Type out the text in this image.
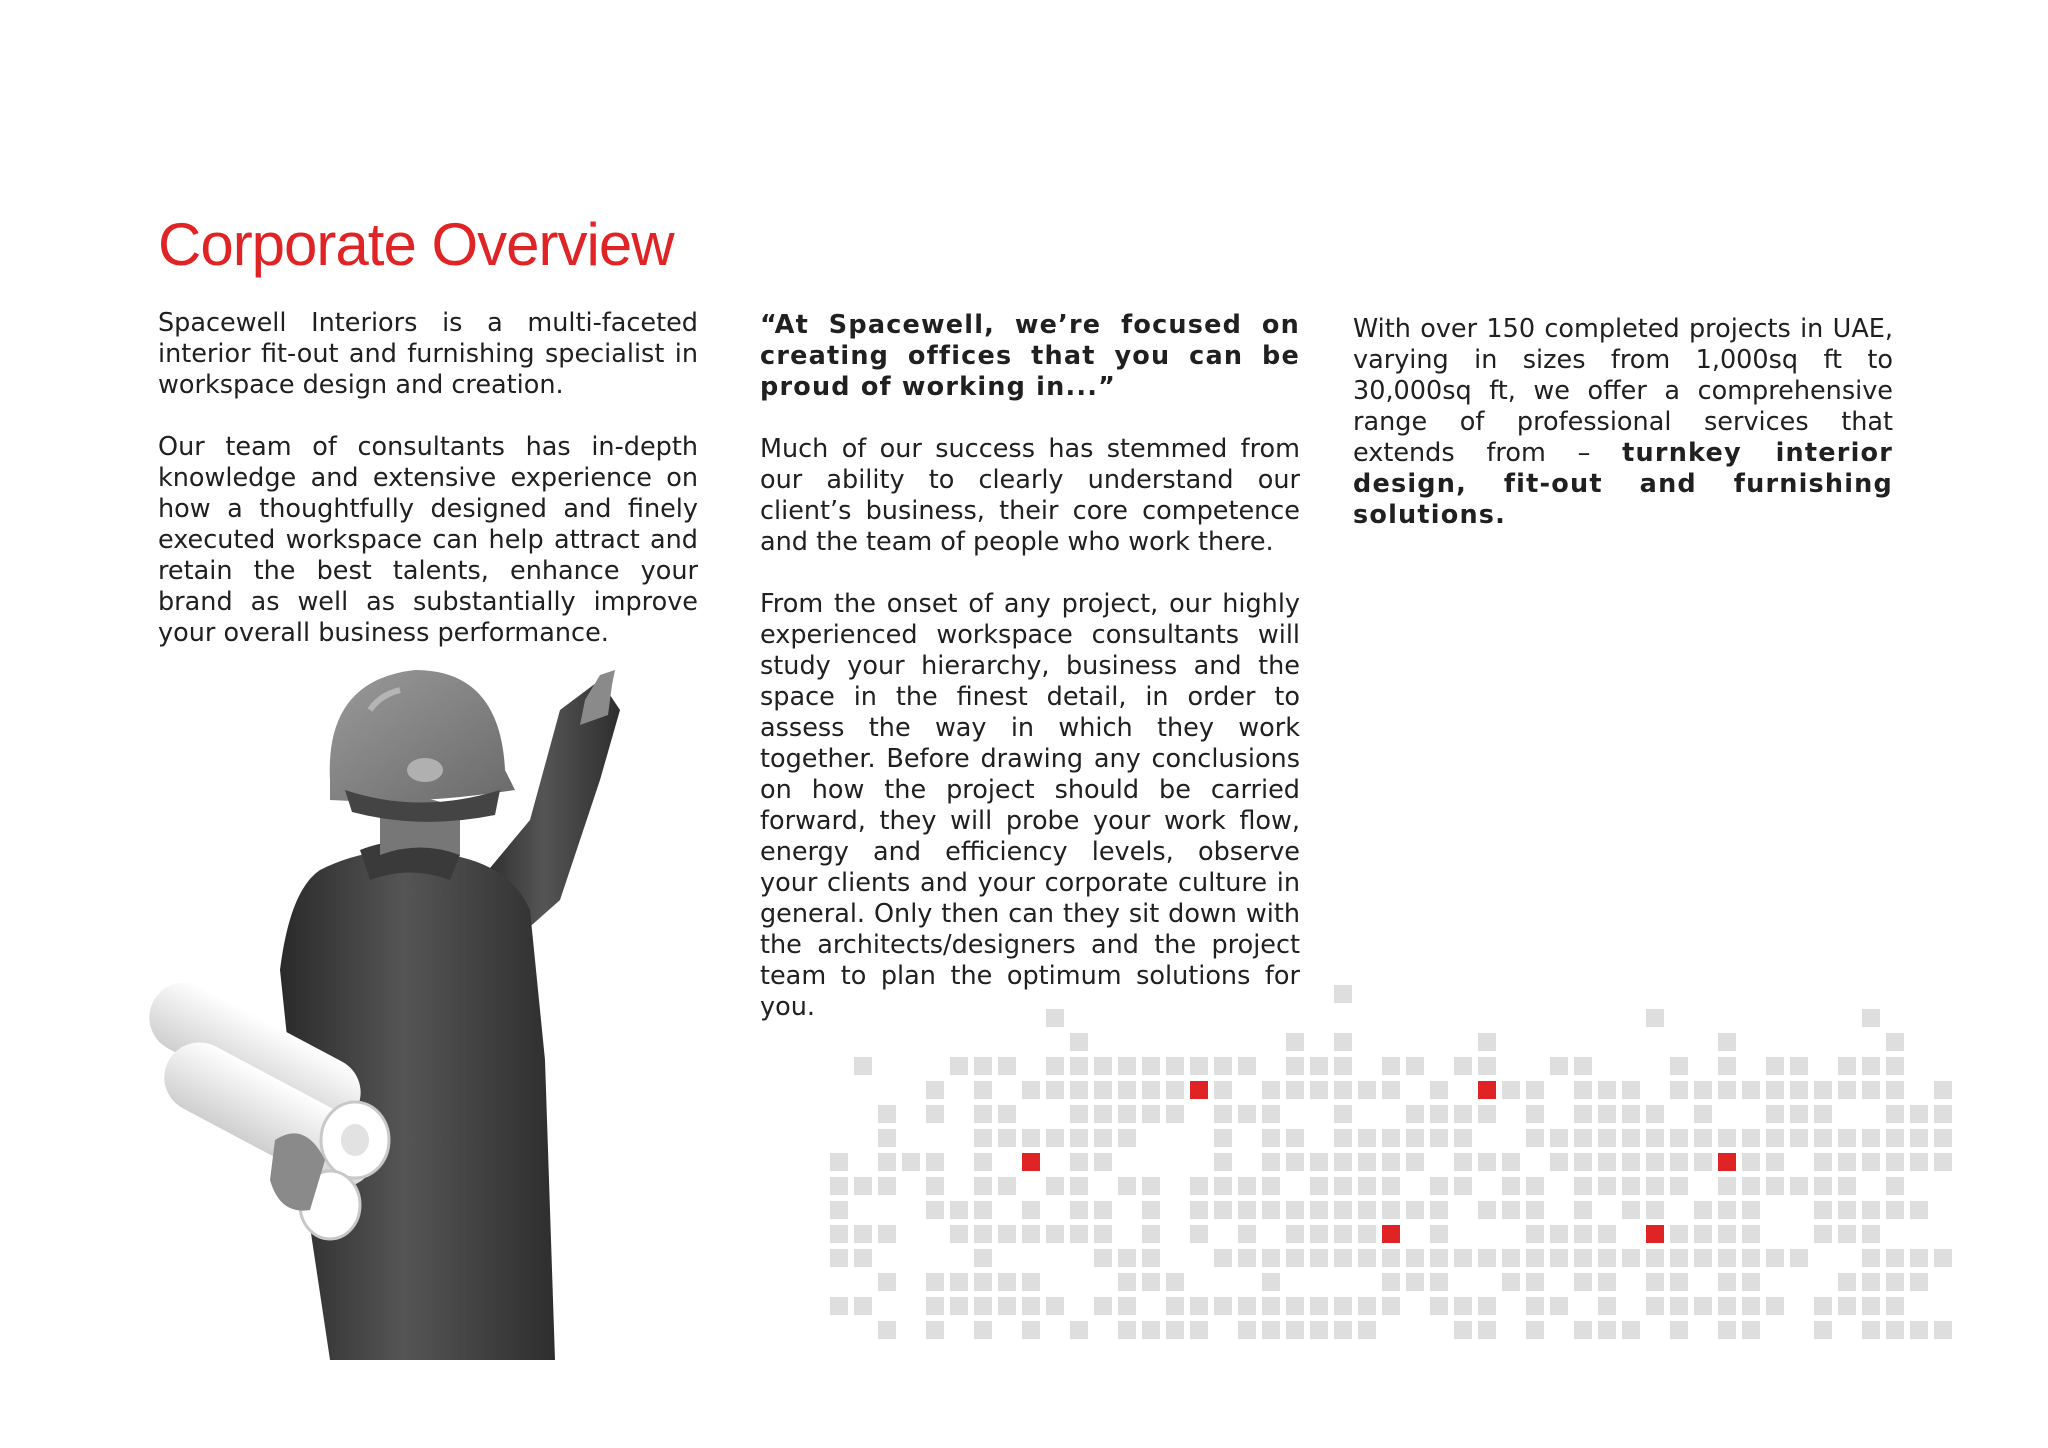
Corporate Overview

Spacewell Interiors is a multi-faceted interior fit-out and furnishing specialist in workspace design and creation.

Our team of consultants has in-depth knowledge and extensive experience on how a thoughtfully designed and finely executed workspace can help attract and retain the best talents, enhance your brand as well as substantially improve your overall business performance.

“At Spacewell, we’re focused on creating offices that you can be proud of working in...”

Much of our success has stemmed from our ability to clearly understand our client’s business, their core competence and the team of people who work there.

From the onset of any project, our highly experienced workspace consultants will study your hierarchy, business and the space in the finest detail, in order to assess the way in which they work together. Before drawing any conclusions on how the project should be carried forward, they will probe your work flow, energy and efficiency levels, observe your clients and your corporate culture in general. Only then can they sit down with the architects/designers and the project team to plan the optimum solutions for you.

With over 150 completed projects in UAE, varying in sizes from 1,000sq ft to 30,000sq ft, we offer a comprehensive range of professional services that extends from – turnkey interior design, fit-out and furnishing solutions.
